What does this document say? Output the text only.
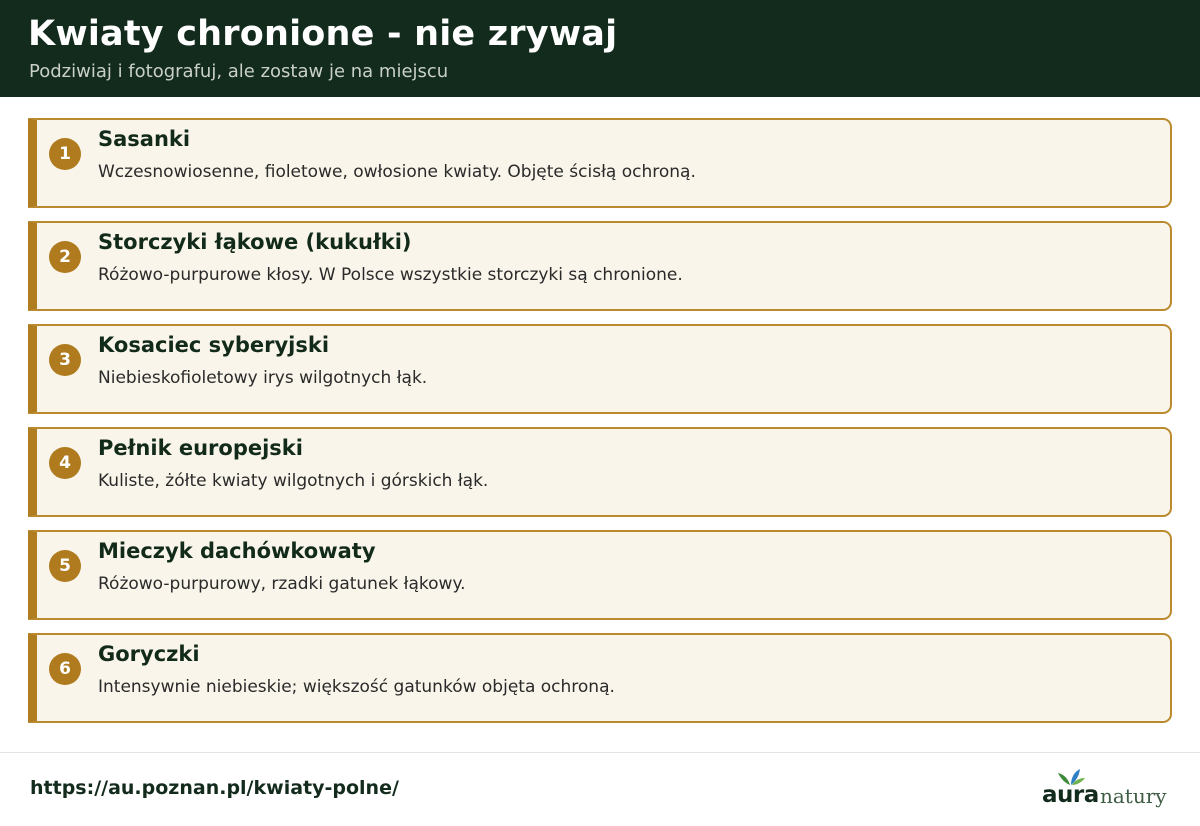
Kwiaty chronione - nie zrywaj
Podziwiaj i fotografuj, ale zostaw je na miejscu
1
Sasanki
Wczesnowiosenne, fioletowe, owłosione kwiaty. Objęte ścisłą ochroną.
2
Storczyki łąkowe (kukułki)
Różowo-purpurowe kłosy. W Polsce wszystkie storczyki są chronione.
3
Kosaciec syberyjski
Niebieskofioletowy irys wilgotnych łąk.
4
Pełnik europejski
Kuliste, żółte kwiaty wilgotnych i górskich łąk.
5
Mieczyk dachówkowaty
Różowo-purpurowy, rzadki gatunek łąkowy.
6
Goryczki
Intensywnie niebieskie; większość gatunków objęta ochroną.
https://au.poznan.pl/kwiaty-polne/	aura natury
